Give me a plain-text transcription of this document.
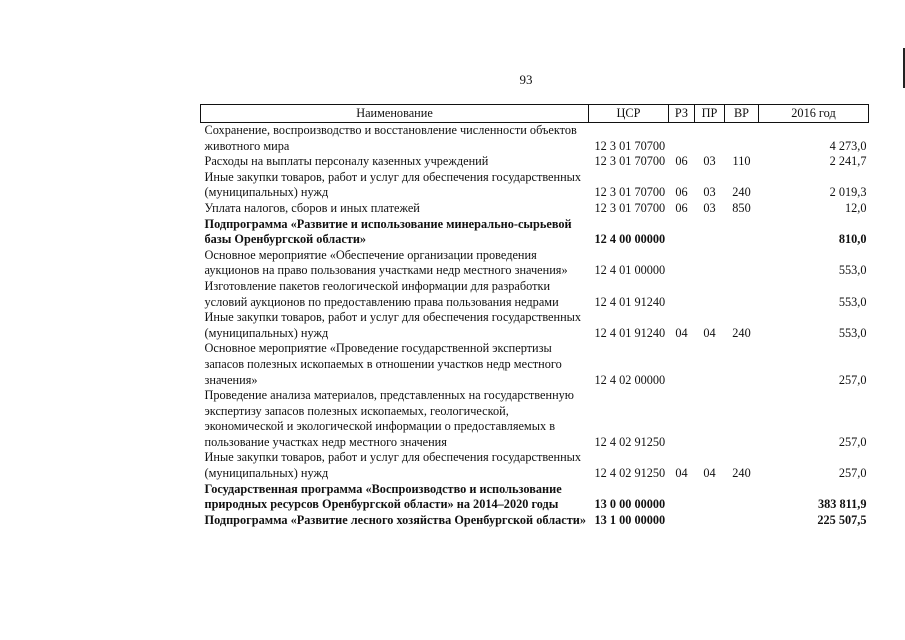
93
Наименование	ЦСР	РЗ	ПР	ВР	2016 год
Сохранение, воспроизводство и восстановление численности объектов животного мира	12 3 01 70700				4 273,0
Расходы на выплаты персоналу казенных учреждений	12 3 01 70700	06	03	110	2 241,7
Иные закупки товаров, работ и услуг для обеспечения государственных (муниципальных) нужд	12 3 01 70700	06	03	240	2 019,3
Уплата налогов, сборов и иных платежей	12 3 01 70700	06	03	850	12,0
Подпрограмма «Развитие и использование минерально-сырьевой базы Оренбургской области»	12 4 00 00000				810,0
Основное мероприятие «Обеспечение организации проведения аукционов на право пользования участками недр местного значения»	12 4 01 00000				553,0
Изготовление пакетов геологической информации для разработки условий аукционов по предоставлению права пользования недрами	12 4 01 91240				553,0
Иные закупки товаров, работ и услуг для обеспечения государственных (муниципальных) нужд	12 4 01 91240	04	04	240	553,0
Основное мероприятие «Проведение государственной экспертизы запасов полезных ископаемых в отношении участков недр местного значения»	12 4 02 00000				257,0
Проведение анализа материалов, представленных на государственную экспертизу запасов полезных ископаемых, геологической, экономической и экологической информации о предоставляемых в пользование участках недр местного значения	12 4 02 91250				257,0
Иные закупки товаров, работ и услуг для обеспечения государственных (муниципальных) нужд	12 4 02 91250	04	04	240	257,0
Государственная программа «Воспроизводство и использование природных ресурсов Оренбургской области» на 2014–2020 годы	13 0 00 00000				383 811,9
Подпрограмма «Развитие лесного хозяйства Оренбургской области»	13 1 00 00000				225 507,5
